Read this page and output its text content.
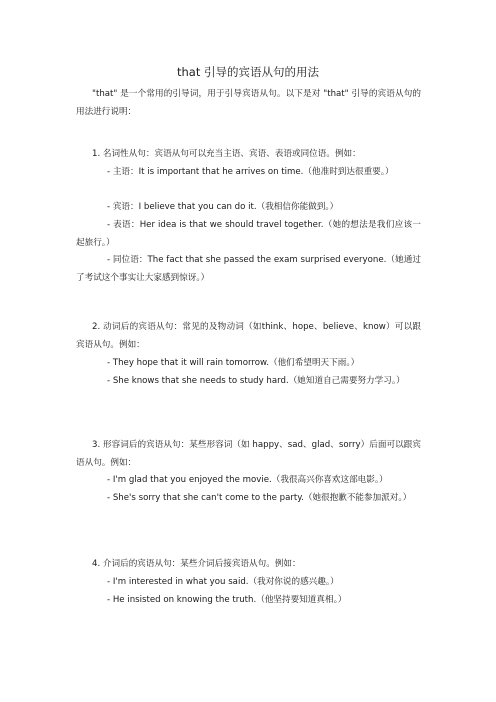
that 引导的宾语从句的用法

"that" 是一个常用的引导词，用于引导宾语从句。以下是对 "that" 引导的宾语从句的用法进行说明：

1. 名词性从句：宾语从句可以充当主语、宾语、表语或同位语。例如：

- 主语：It is important that he arrives on time.（他准时到达很重要。）

- 宾语：I believe that you can do it.（我相信你能做到。）

- 表语：Her idea is that we should travel together.（她的想法是我们应该一起旅行。）

- 同位语：The fact that she passed the exam surprised everyone.（她通过了考试这个事实让大家感到惊讶。）

2. 动词后的宾语从句：常见的及物动词（如think、hope、believe、know）可以跟宾语从句。例如：

- They hope that it will rain tomorrow.（他们希望明天下雨。）

- She knows that she needs to study hard.（她知道自己需要努力学习。）

3. 形容词后的宾语从句：某些形容词（如 happy、sad、glad、sorry）后面可以跟宾语从句。例如：

- I'm glad that you enjoyed the movie.（我很高兴你喜欢这部电影。）

- She's sorry that she can't come to the party.（她很抱歉不能参加派对。）

4. 介词后的宾语从句：某些介词后接宾语从句。例如：

- I'm interested in what you said.（我对你说的感兴趣。）

- He insisted on knowing the truth.（他坚持要知道真相。）
